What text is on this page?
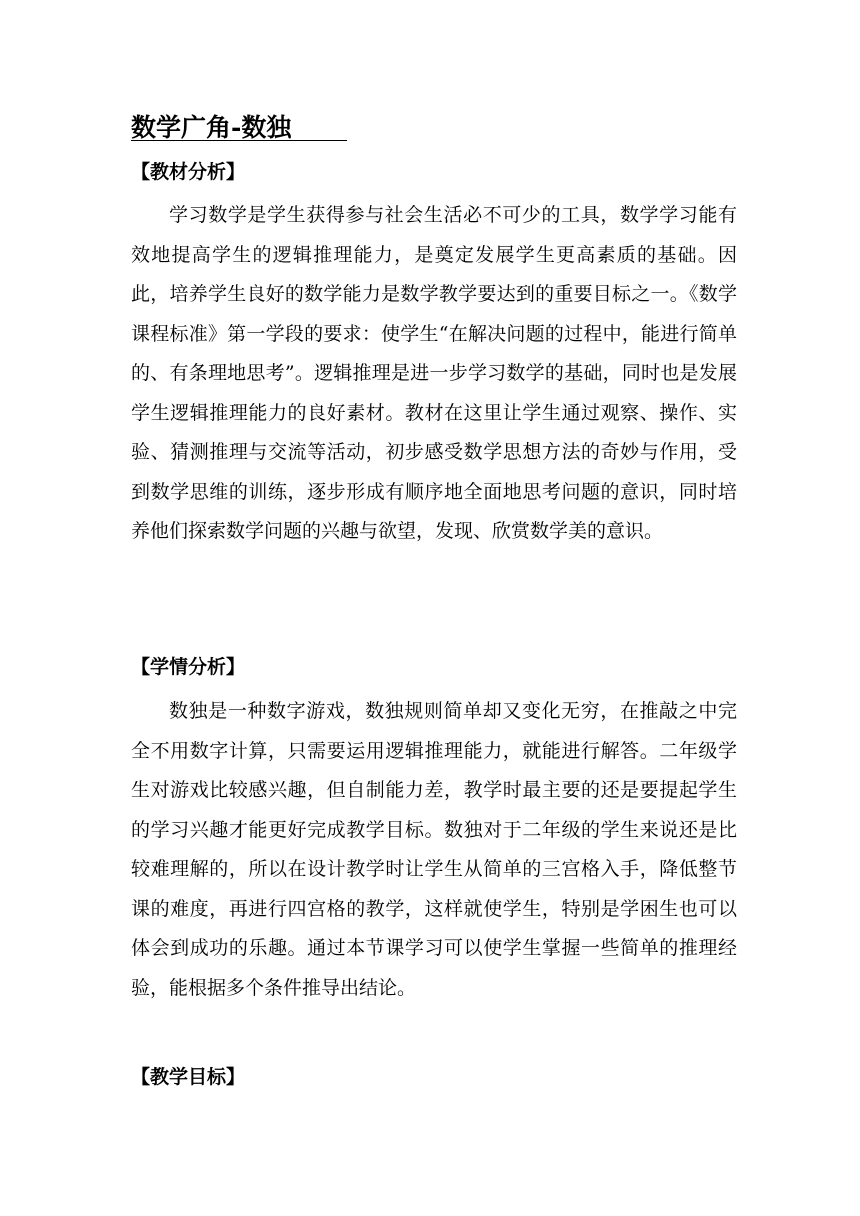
数学广角-数独
【教材分析】

学习数学是学生获得参与社会生活必不可少的工具，数学学习能有效地提高学生的逻辑推理能力，是奠定发展学生更高素质的基础。因此，培养学生良好的数学能力是数学教学要达到的重要目标之一。《数学课程标准》第一学段的要求：使学生“在解决问题的过程中，能进行简单的、有条理地思考”。逻辑推理是进一步学习数学的基础，同时也是发展学生逻辑推理能力的良好素材。教材在这里让学生通过观察、操作、实验、猜测推理与交流等活动，初步感受数学思想方法的奇妙与作用，受到数学思维的训练，逐步形成有顺序地全面地思考问题的意识，同时培养他们探索数学问题的兴趣与欲望，发现、欣赏数学美的意识。

【学情分析】

数独是一种数字游戏，数独规则简单却又变化无穷，在推敲之中完全不用数字计算，只需要运用逻辑推理能力，就能进行解答。二年级学生对游戏比较感兴趣，但自制能力差，教学时最主要的还是要提起学生的学习兴趣才能更好完成教学目标。数独对于二年级的学生来说还是比较难理解的，所以在设计教学时让学生从简单的三宫格入手，降低整节课的难度，再进行四宫格的教学，这样就使学生，特别是学困生也可以体会到成功的乐趣。通过本节课学习可以使学生掌握一些简单的推理经验，能根据多个条件推导出结论。

【教学目标】
